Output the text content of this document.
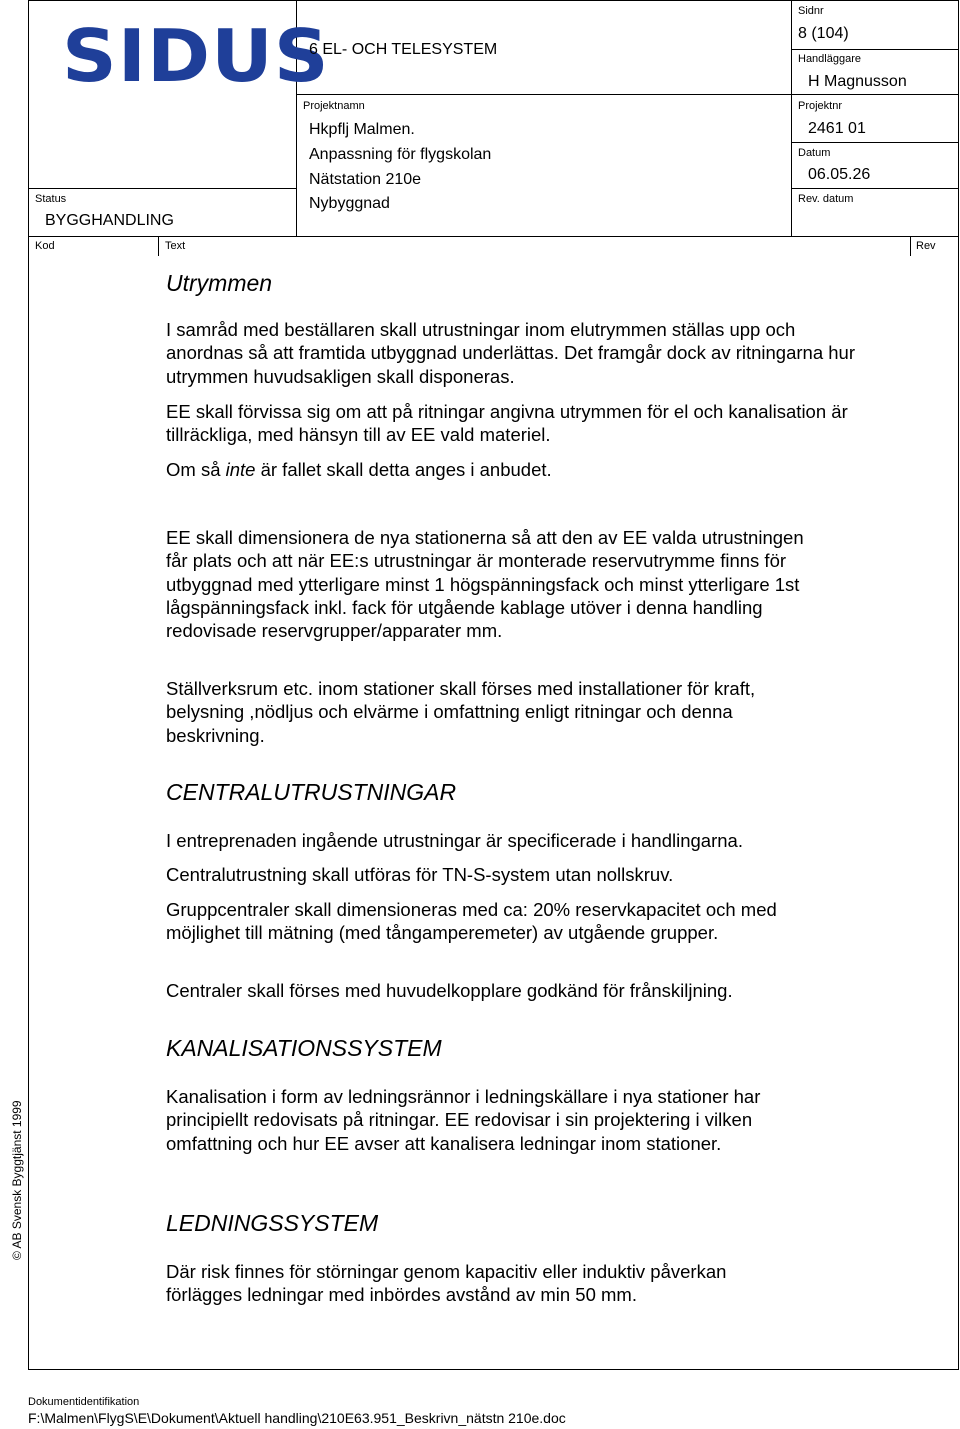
SIDUS
6 EL- OCH TELESYSTEM
Sidnr
8 (104)
Handläggare
H Magnusson
Projektnamn
Hkpflj Malmen.
Anpassning för flygskolan
Nätstation 210e
Nybyggnad
Projektnr
2461 01
Datum
06.05.26
Rev. datum
Status
BYGGHANDLING
Kod	Text	Rev
Utrymmen
I samråd med beställaren skall utrustningar inom elutrymmen ställas upp och anordnas så att framtida utbyggnad underlättas. Det framgår dock av ritningarna hur utrymmen huvudsakligen skall disponeras.
EE skall förvissa sig om att på ritningar angivna utrymmen för el och kanalisation är tillräckliga, med hänsyn till av EE vald materiel.
Om så inte är fallet skall detta anges i anbudet.
EE skall dimensionera de nya stationerna så att den av EE valda utrustningen får plats och att när EE:s utrustningar är monterade reservutrymme finns för utbyggnad med ytterligare minst 1 högspänningsfack och minst ytterligare 1st lågspänningsfack inkl. fack för utgående kablage utöver i denna handling redovisade reservgrupper/apparater mm.
Ställverksrum etc. inom stationer skall förses med installationer för kraft, belysning ,nödljus och elvärme i omfattning enligt ritningar och denna beskrivning.
CENTRALUTRUSTNINGAR
I entreprenaden ingående utrustningar är specificerade i handlingarna.
Centralutrustning skall utföras för TN-S-system utan nollskruv.
Gruppcentraler skall dimensioneras med ca: 20% reservkapacitet och med möjlighet till mätning (med tångamperemeter) av utgående grupper.
Centraler skall förses med huvudelkopplare godkänd för frånskiljning.
KANALISATIONSSYSTEM
Kanalisation i form av ledningsrännor i ledningskällare i nya stationer har principiellt redovisats på ritningar. EE redovisar i sin projektering i vilken omfattning och hur EE avser att kanalisera ledningar inom stationer.
LEDNINGSSYSTEM
Där risk finnes för störningar genom kapacitiv eller induktiv påverkan förlägges ledningar med inbördes avstånd av min 50 mm.
© AB Svensk Byggtjänst 1999
Dokumentidentifikation
F:\Malmen\FlygS\E\Dokument\Aktuell handling\210E63.951_Beskrivn_nätstn 210e.doc
